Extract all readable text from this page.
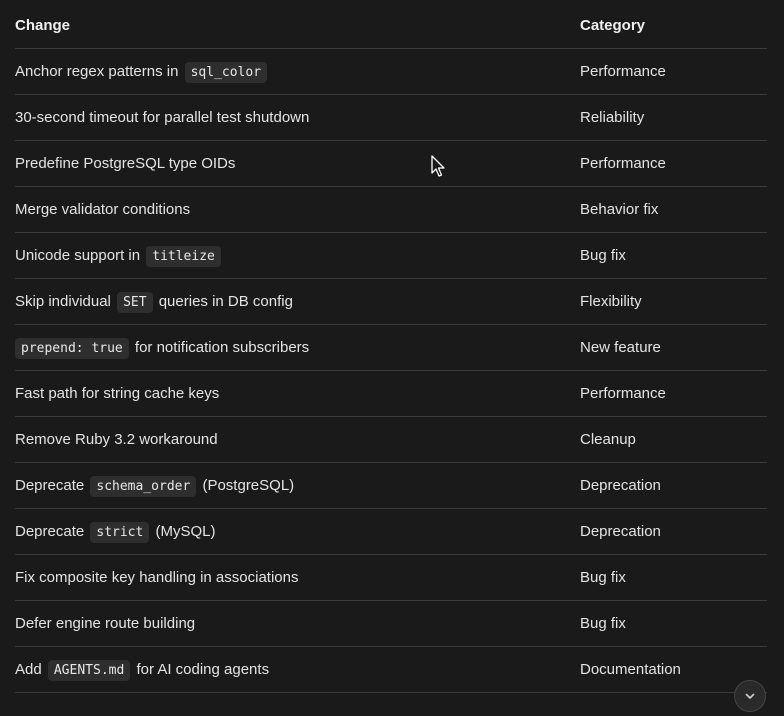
Change	Category
Anchor regex patterns in sql_color	Performance
30-second timeout for parallel test shutdown	Reliability
Predefine PostgreSQL type OIDs	Performance
Merge validator conditions	Behavior fix
Unicode support in titleize	Bug fix
Skip individual SET queries in DB config	Flexibility
prepend: true for notification subscribers	New feature
Fast path for string cache keys	Performance
Remove Ruby 3.2 workaround	Cleanup
Deprecate schema_order (PostgreSQL)	Deprecation
Deprecate strict (MySQL)	Deprecation
Fix composite key handling in associations	Bug fix
Defer engine route building	Bug fix
Add AGENTS.md for AI coding agents	Documentation
